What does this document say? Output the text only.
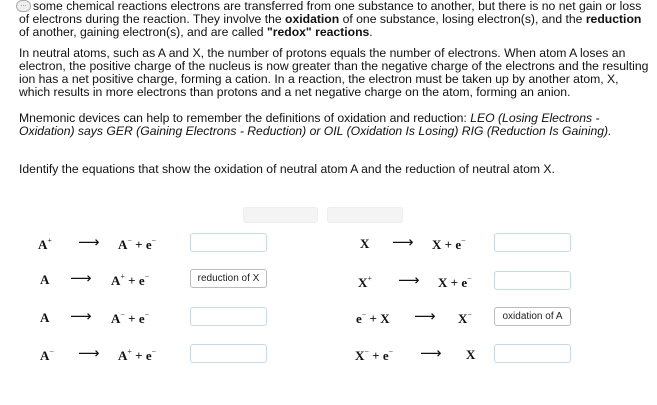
… some chemical reactions electrons are transferred from one substance to another, but there is no net gain or loss of electrons during the reaction. They involve the oxidation of one substance, losing electron(s), and the reduction of another, gaining electron(s), and are called "redox" reactions.

In neutral atoms, such as A and X, the number of protons equals the number of electrons. When atom A loses an electron, the positive charge of the nucleus is now greater than the negative charge of the electrons and the resulting ion has a net positive charge, forming a cation. In a reaction, the electron must be taken up by another atom, X, which results in more electrons than protons and a net negative charge on the atom, forming an anion.

Mnemonic devices can help to remember the definitions of oxidation and reduction: LEO (Losing Electrons - Oxidation) says GER (Gaining Electrons - Reduction) or OIL (Oxidation Is Losing) RIG (Reduction Is Gaining).

Identify the equations that show the oxidation of neutral atom A and the reduction of neutral atom X.

A+ ⟶ A− + e−
A ⟶ A+ + e−	reduction of X
A ⟶ A− + e−
A− ⟶ A+ + e−
X ⟶ X + e−
X+ ⟶ X + e−
e− + X ⟶ X−	oxidation of A
X− + e− ⟶ X
